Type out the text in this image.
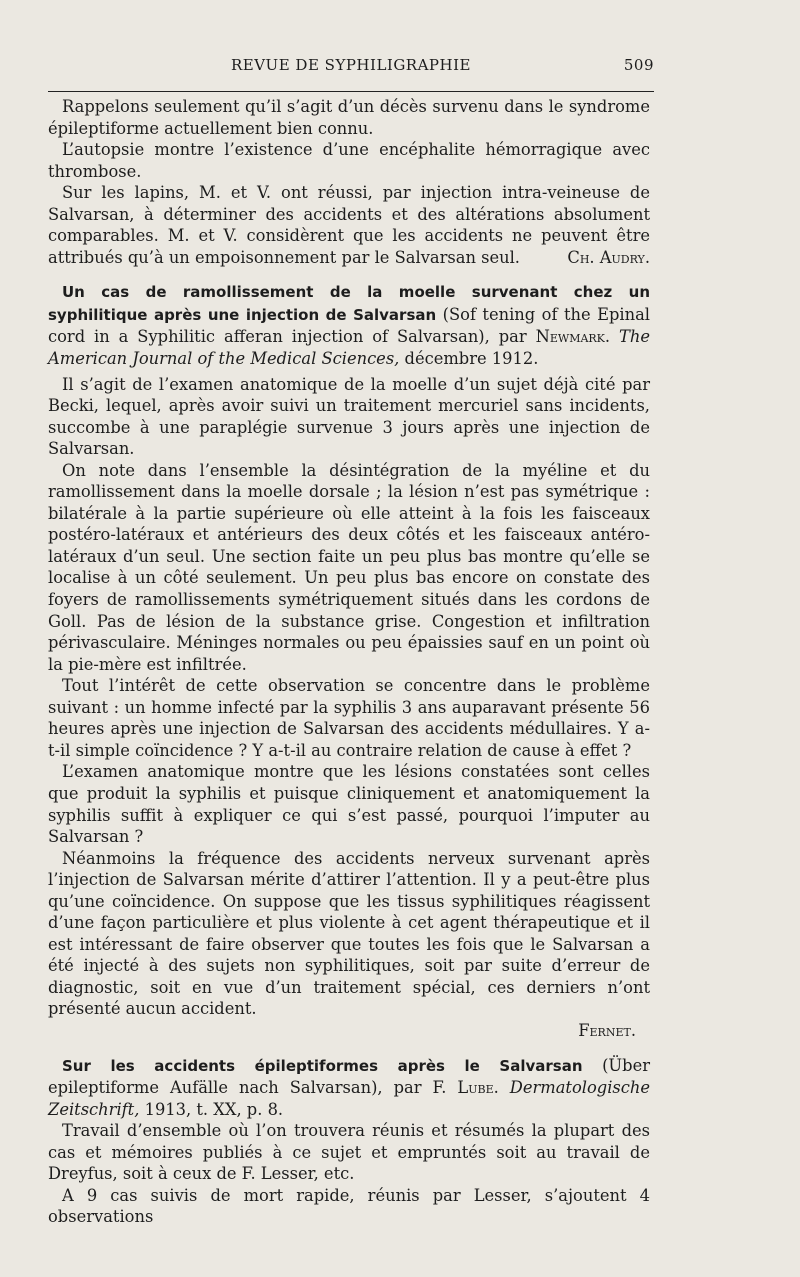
REVUE DE SYPHILIGRAPHIE	509

Rappelons seulement qu’il s’agit d’un décès survenu dans le syndrome épileptiforme actuellement bien connu.

L’autopsie montre l’existence d’une encéphalite hémorragique avec thrombose.

Sur les lapins, M. et V. ont réussi, par injection intra-veineuse de Salvarsan, à déterminer des accidents et des altérations absolument comparables. M. et V. considèrent que les accidents ne peuvent être attribués qu’à un empoisonnement par le Salvarsan seul.	Ch. Audry.

Un cas de ramollissement de la moelle survenant chez un syphilitique après une injection de Salvarsan (Sof tening of the Epinal cord in a Syphilitic afferan injection of Salvarsan), par Newmark. The American Journal of the Medical Sciences, décembre 1912.

Il s’agit de l’examen anatomique de la moelle d’un sujet déjà cité par Becki, lequel, après avoir suivi un traitement mercuriel sans incidents, succombe à une paraplégie survenue 3 jours après une injection de Salvarsan.

On note dans l’ensemble la désintégration de la myéline et du ramollissement dans la moelle dorsale ; la lésion n’est pas symétrique : bilatérale à la partie supérieure où elle atteint à la fois les faisceaux postéro-latéraux et antérieurs des deux côtés et les faisceaux antéro-latéraux d’un seul. Une section faite un peu plus bas montre qu’elle se localise à un côté seulement. Un peu plus bas encore on constate des foyers de ramollissements symétriquement situés dans les cordons de Goll. Pas de lésion de la substance grise. Congestion et infiltration périvasculaire. Méninges normales ou peu épaissies sauf en un point où la pie-mère est infiltrée.

Tout l’intérêt de cette observation se concentre dans le problème suivant : un homme infecté par la syphilis 3 ans auparavant présente 56 heures après une injection de Salvarsan des accidents médullaires. Y a-t-il simple coïncidence ? Y a-t-il au contraire relation de cause à effet ?

L’examen anatomique montre que les lésions constatées sont celles que produit la syphilis et puisque cliniquement et anatomiquement la syphilis suffit à expliquer ce qui s’est passé, pourquoi l’imputer au Salvarsan ?

Néanmoins la fréquence des accidents nerveux survenant après l’injection de Salvarsan mérite d’attirer l’attention. Il y a peut-être plus qu’une coïncidence. On suppose que les tissus syphilitiques réagissent d’une façon particulière et plus violente à cet agent thérapeutique et il est intéressant de faire observer que toutes les fois que le Salvarsan a été injecté à des sujets non syphilitiques, soit par suite d’erreur de diagnostic, soit en vue d’un traitement spécial, ces derniers n’ont présenté aucun accident.

Fernet.

Sur les accidents épileptiformes après le Salvarsan (Über epileptiforme Aufälle nach Salvarsan), par F. Lube. Dermatologische Zeitschrift, 1913, t. XX, p. 8.

Travail d’ensemble où l’on trouvera réunis et résumés la plupart des cas et mémoires publiés à ce sujet et empruntés soit au travail de Dreyfus, soit à ceux de F. Lesser, etc.

A 9 cas suivis de mort rapide, réunis par Lesser, s’ajoutent 4 observations
